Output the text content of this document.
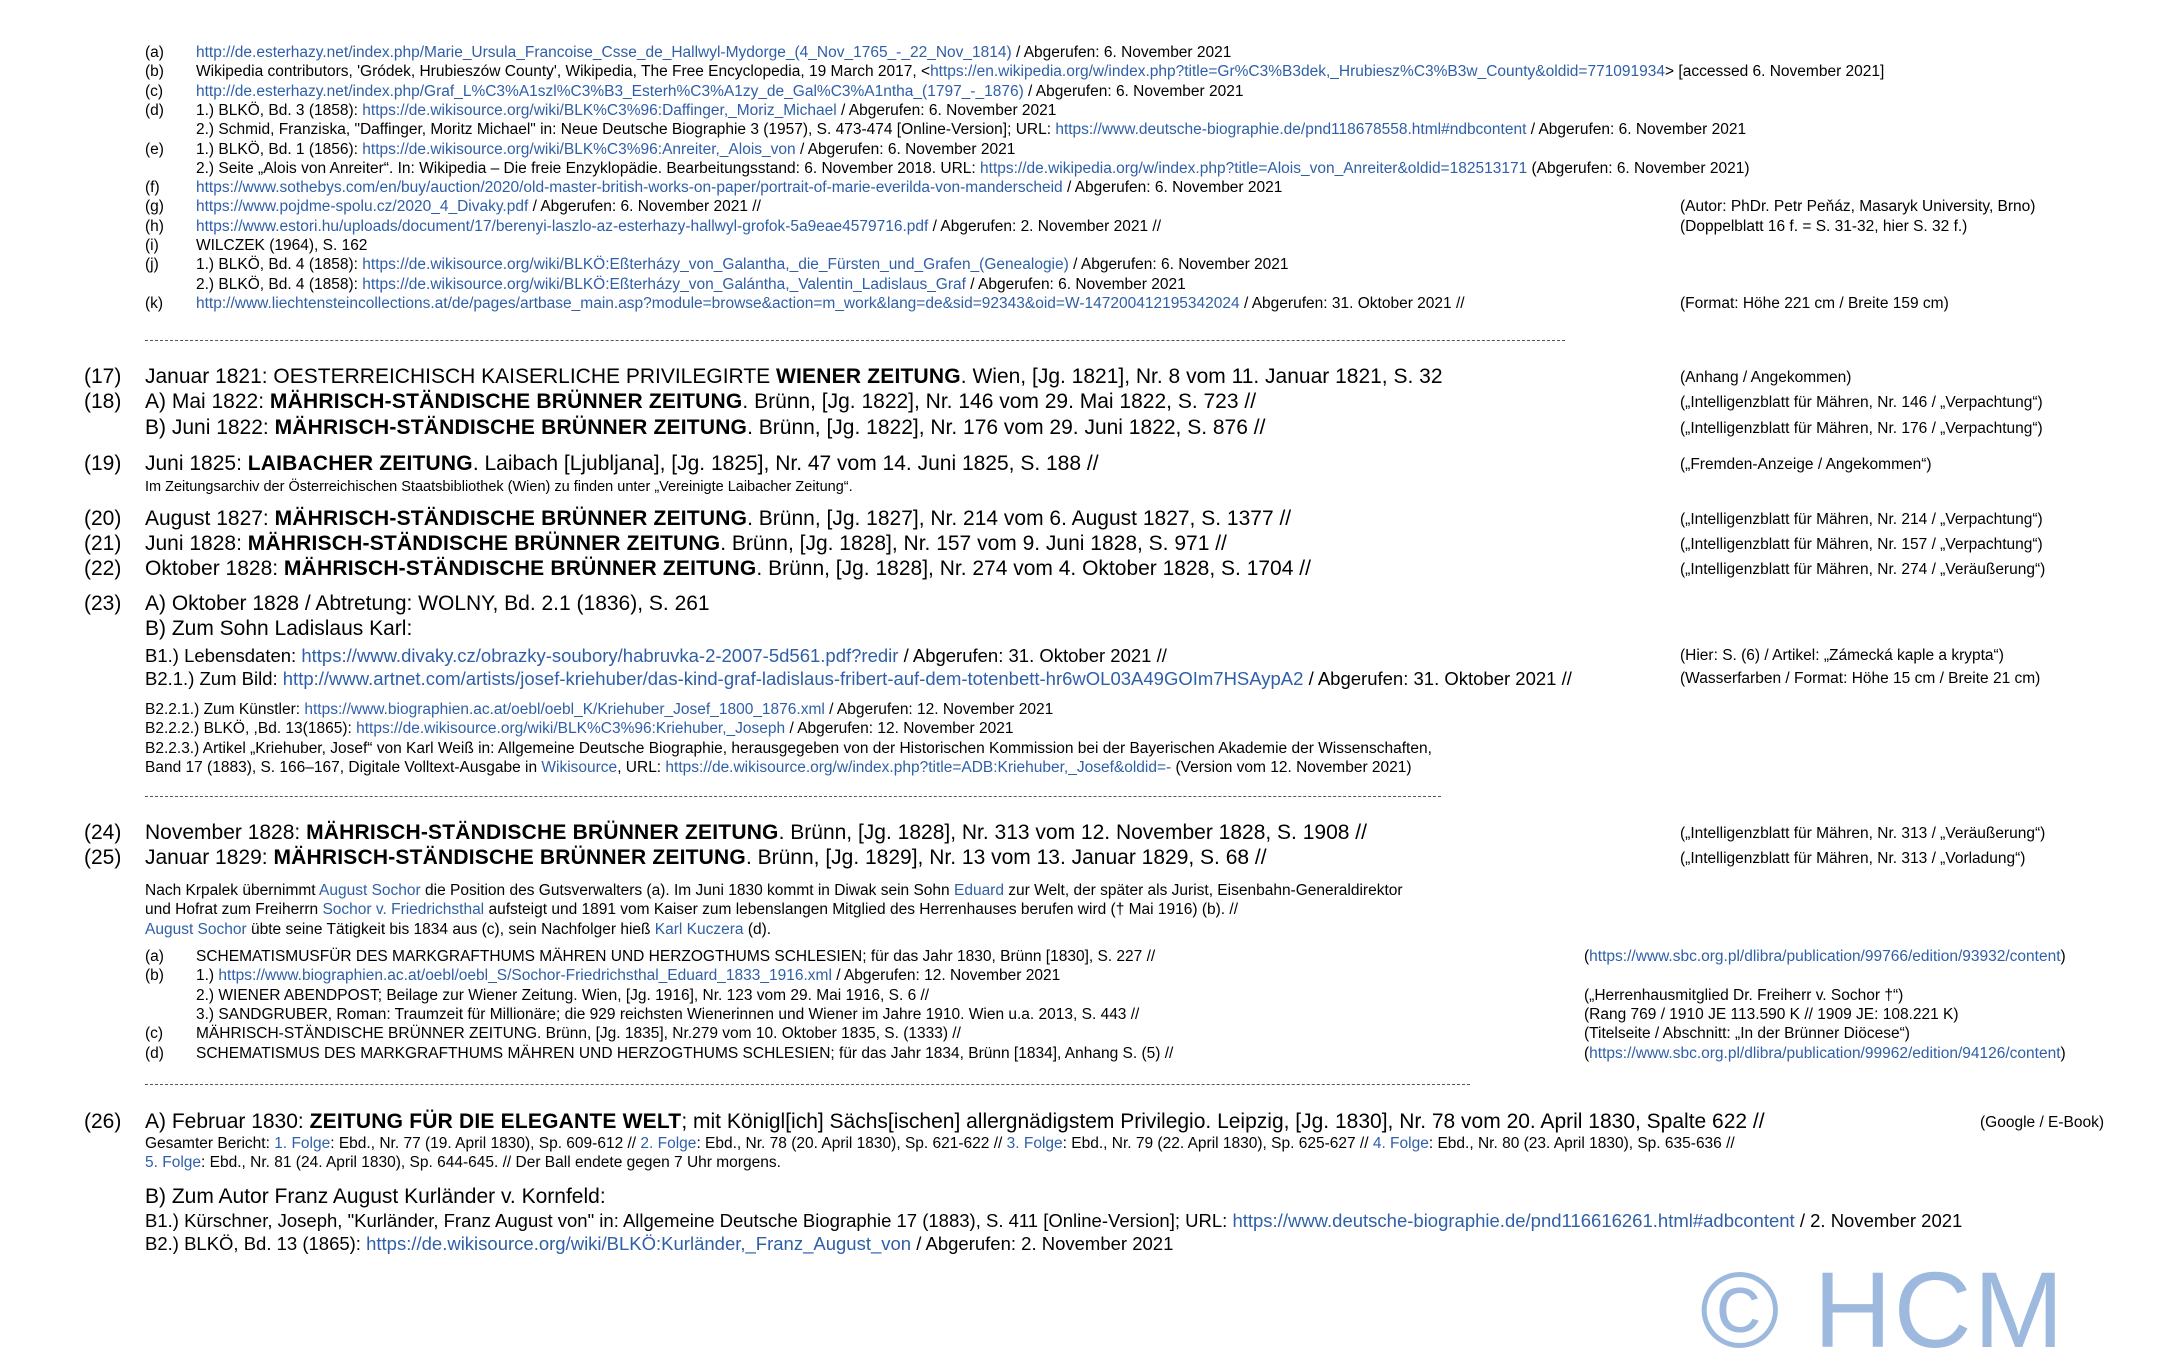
(a) http://de.esterhazy.net/index.php/Marie_Ursula_Francoise_Csse_de_Hallwyl-Mydorge_(4_Nov_1765_-_22_Nov_1814) / Abgerufen: 6. November 2021
(b) Wikipedia contributors, 'Gródek, Hrubieszów County', Wikipedia, The Free Encyclopedia, 19 March 2017, <https://en.wikipedia.org/w/index.php?title=Gr%C3%B3dek,_Hrubiesz%C3%B3w_County&oldid=771091934> [accessed 6. November 2021]
(c) http://de.esterhazy.net/index.php/Graf_L%C3%A1szl%C3%B3_Esterh%C3%A1zy_de_Gal%C3%A1ntha_(1797_-_1876) / Abgerufen: 6. November 2021
(d) 1.) BLKÖ, Bd. 3 (1858): https://de.wikisource.org/wiki/BLK%C3%96:Daffinger,_Moriz_Michael / Abgerufen: 6. November 2021
2.) Schmid, Franziska, "Daffinger, Moritz Michael" in: Neue Deutsche Biographie 3 (1957), S. 473-474 [Online-Version]; URL: https://www.deutsche-biographie.de/pnd118678558.html#ndbcontent / Abgerufen: 6. November 2021
(e) 1.) BLKÖ, Bd. 1 (1856): https://de.wikisource.org/wiki/BLK%C3%96:Anreiter,_Alois_von / Abgerufen: 6. November 2021
2.) Seite „Alois von Anreiter“. In: Wikipedia – Die freie Enzyklopädie. Bearbeitungsstand: 6. November 2018. URL: https://de.wikipedia.org/w/index.php?title=Alois_von_Anreiter&oldid=182513171 (Abgerufen: 6. November 2021)
(f) https://www.sothebys.com/en/buy/auction/2020/old-master-british-works-on-paper/portrait-of-marie-everilda-von-manderscheid / Abgerufen: 6. November 2021
(g) https://www.pojdme-spolu.cz/2020_4_Divaky.pdf / Abgerufen: 6. November 2021 //	(Autor: PhDr. Petr Peňáz, Masaryk University, Brno)
(h) https://www.estori.hu/uploads/document/17/berenyi-laszlo-az-esterhazy-hallwyl-grofok-5a9eae4579716.pdf / Abgerufen: 2. November 2021 //	(Doppelblatt 16 f. = S. 31-32, hier S. 32 f.)
(i) WILCZEK (1964), S. 162
(j) 1.) BLKÖ, Bd. 4 (1858): https://de.wikisource.org/wiki/BLKÖ:Eßterházy_von_Galantha,_die_Fürsten_und_Grafen_(Genealogie) / Abgerufen: 6. November 2021
2.) BLKÖ, Bd. 4 (1858): https://de.wikisource.org/wiki/BLKÖ:Eßterházy_von_Galántha,_Valentin_Ladislaus_Graf / Abgerufen: 6. November 2021
(k) http://www.liechtensteincollections.at/de/pages/artbase_main.asp?module=browse&action=m_work&lang=de&sid=92343&oid=W-147200412195342024 / Abgerufen: 31. Oktober 2021 //	(Format: Höhe 221 cm / Breite 159 cm)
(17) Januar 1821: OESTERREICHISCH KAISERLICHE PRIVILEGIRTE WIENER ZEITUNG. Wien, [Jg. 1821], Nr. 8 vom 11. Januar 1821, S. 32	(Anhang / Angekommen)
(18) A) Mai 1822: MÄHRISCH-STÄNDISCHE BRÜNNER ZEITUNG. Brünn, [Jg. 1822], Nr. 146 vom 29. Mai 1822, S. 723 //	(„Intelligenzblatt für Mähren, Nr. 146 / „Verpachtung“)
B) Juni 1822: MÄHRISCH-STÄNDISCHE BRÜNNER ZEITUNG. Brünn, [Jg. 1822], Nr. 176 vom 29. Juni 1822, S. 876 //	(„Intelligenzblatt für Mähren, Nr. 176 / „Verpachtung“)
(19) Juni 1825: LAIBACHER ZEITUNG. Laibach [Ljubljana], [Jg. 1825], Nr. 47 vom 14. Juni 1825, S. 188 //	(„Fremden-Anzeige / Angekommen“)
Im Zeitungsarchiv der Österreichischen Staatsbibliothek (Wien) zu finden unter „Vereinigte Laibacher Zeitung“.
(20) August 1827: MÄHRISCH-STÄNDISCHE BRÜNNER ZEITUNG. Brünn, [Jg. 1827], Nr. 214 vom 6. August 1827, S. 1377 //	(„Intelligenzblatt für Mähren, Nr. 214 / „Verpachtung“)
(21) Juni 1828: MÄHRISCH-STÄNDISCHE BRÜNNER ZEITUNG. Brünn, [Jg. 1828], Nr. 157 vom 9. Juni 1828, S. 971 //	(„Intelligenzblatt für Mähren, Nr. 157 / „Verpachtung“)
(22) Oktober 1828: MÄHRISCH-STÄNDISCHE BRÜNNER ZEITUNG. Brünn, [Jg. 1828], Nr. 274 vom 4. Oktober 1828, S. 1704 //	(„Intelligenzblatt für Mähren, Nr. 274 / „Veräußerung“)
(23) A) Oktober 1828 / Abtretung: WOLNY, Bd. 2.1 (1836), S. 261
B) Zum Sohn Ladislaus Karl:
B1.) Lebensdaten: https://www.divaky.cz/obrazky-soubory/habruvka-2-2007-5d561.pdf?redir / Abgerufen: 31. Oktober 2021 //	(Hier: S. (6) / Artikel: „Zámecká kaple a krypta“)
B2.1.) Zum Bild: http://www.artnet.com/artists/josef-kriehuber/das-kind-graf-ladislaus-fribert-auf-dem-totenbett-hr6wOL03A49GOIm7HSAypA2 / Abgerufen: 31. Oktober 2021 //	(Wasserfarben / Format: Höhe 15 cm / Breite 21 cm)
B2.2.1.) Zum Künstler: https://www.biographien.ac.at/oebl/oebl_K/Kriehuber_Josef_1800_1876.xml / Abgerufen: 12. November 2021
B2.2.2.) BLKÖ, ,Bd. 13(1865): https://de.wikisource.org/wiki/BLK%C3%96:Kriehuber,_Joseph / Abgerufen: 12. November 2021
B2.2.3.) Artikel „Kriehuber, Josef“ von Karl Weiß in: Allgemeine Deutsche Biographie, herausgegeben von der Historischen Kommission bei der Bayerischen Akademie der Wissenschaften,
Band 17 (1883), S. 166–167, Digitale Volltext-Ausgabe in Wikisource, URL: https://de.wikisource.org/w/index.php?title=ADB:Kriehuber,_Josef&oldid=- (Version vom 12. November 2021)
(24) November 1828: MÄHRISCH-STÄNDISCHE BRÜNNER ZEITUNG. Brünn, [Jg. 1828], Nr. 313 vom 12. November 1828, S. 1908 //	(„Intelligenzblatt für Mähren, Nr. 313 / „Veräußerung“)
(25) Januar 1829: MÄHRISCH-STÄNDISCHE BRÜNNER ZEITUNG. Brünn, [Jg. 1829], Nr. 13 vom 13. Januar 1829, S. 68 //	(„Intelligenzblatt für Mähren, Nr. 313 / „Vorladung“)
Nach Krpalek übernimmt August Sochor die Position des Gutsverwalters (a). Im Juni 1830 kommt in Diwak sein Sohn Eduard zur Welt, der später als Jurist, Eisenbahn-Generaldirektor
und Hofrat zum Freiherrn Sochor v. Friedrichsthal aufsteigt und 1891 vom Kaiser zum lebenslangen Mitglied des Herrenhauses berufen wird († Mai 1916) (b). //
August Sochor übte seine Tätigkeit bis 1834 aus (c), sein Nachfolger hieß Karl Kuczera (d).
(a) SCHEMATISMUSFÜR DES MARKGRAFTHUMS MÄHREN UND HERZOGTHUMS SCHLESIEN; für das Jahr 1830, Brünn [1830], S. 227 //	(https://www.sbc.org.pl/dlibra/publication/99766/edition/93932/content)
(b) 1.) https://www.biographien.ac.at/oebl/oebl_S/Sochor-Friedrichsthal_Eduard_1833_1916.xml / Abgerufen: 12. November 2021
2.) WIENER ABENDPOST; Beilage zur Wiener Zeitung. Wien, [Jg. 1916], Nr. 123 vom 29. Mai 1916, S. 6 //	(„Herrenhausmitglied Dr. Freiherr v. Sochor †“)
3.) SANDGRUBER, Roman: Traumzeit für Millionäre; die 929 reichsten Wienerinnen und Wiener im Jahre 1910. Wien u.a. 2013, S. 443 //	(Rang 769 / 1910 JE 113.590 K // 1909 JE: 108.221 K)
(c) MÄHRISCH-STÄNDISCHE BRÜNNER ZEITUNG. Brünn, [Jg. 1835], Nr.279 vom 10. Oktober 1835, S. (1333) //	(Titelseite / Abschnitt: „In der Brünner Diöcese“)
(d) SCHEMATISMUS DES MARKGRAFTHUMS MÄHREN UND HERZOGTHUMS SCHLESIEN; für das Jahr 1834, Brünn [1834], Anhang S. (5) //	(https://www.sbc.org.pl/dlibra/publication/99962/edition/94126/content)
(26) A) Februar 1830: ZEITUNG FÜR DIE ELEGANTE WELT; mit Königl[ich] Sächs[ischen] allergnädigstem Privilegio. Leipzig, [Jg. 1830], Nr. 78 vom 20. April 1830, Spalte 622 //	(Google / E-Book)
Gesamter Bericht: 1. Folge: Ebd., Nr. 77 (19. April 1830), Sp. 609-612 // 2. Folge: Ebd., Nr. 78 (20. April 1830), Sp. 621-622 // 3. Folge: Ebd., Nr. 79 (22. April 1830), Sp. 625-627 // 4. Folge: Ebd., Nr. 80 (23. April 1830), Sp. 635-636 //
5. Folge: Ebd., Nr. 81 (24. April 1830), Sp. 644-645. // Der Ball endete gegen 7 Uhr morgens.
B) Zum Autor Franz August Kurländer v. Kornfeld:
B1.) Kürschner, Joseph, "Kurländer, Franz August von" in: Allgemeine Deutsche Biographie 17 (1883), S. 411 [Online-Version]; URL: https://www.deutsche-biographie.de/pnd116616261.html#adbcontent / 2. November 2021
B2.) BLKÖ, Bd. 13 (1865): https://de.wikisource.org/wiki/BLKÖ:Kurländer,_Franz_August_von / Abgerufen: 2. November 2021
© HCM
